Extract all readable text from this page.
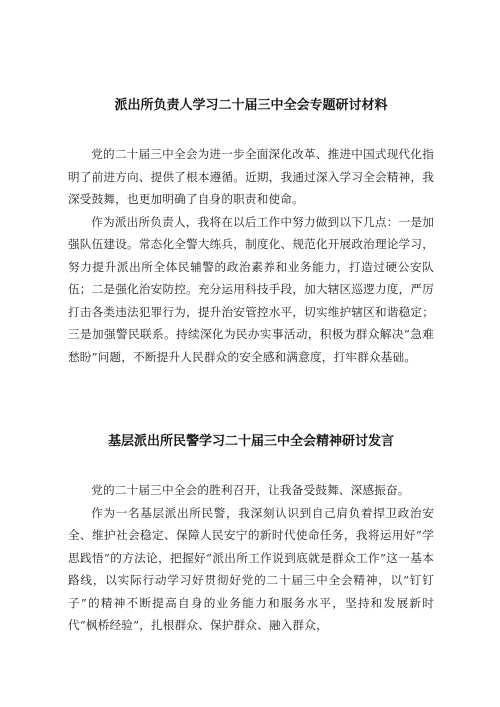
派出所负责人学习二十届三中全会专题研讨材料

党的二十届三中全会为进一步全面深化改革、推进中国式现代化指明了前进方向、提供了根本遵循。近期，我通过深入学习全会精神，我深受鼓舞，也更加明确了自身的职责和使命。

作为派出所负责人，我将在以后工作中努力做到以下几点：一是加强队伍建设。常态化全警大练兵，制度化、规范化开展政治理论学习，努力提升派出所全体民辅警的政治素养和业务能力，打造过硬公安队伍；二是强化治安防控。充分运用科技手段，加大辖区巡逻力度，严厉打击各类违法犯罪行为，提升治安管控水平，切实维护辖区和谐稳定；三是加强警民联系。持续深化为民办实事活动，积极为群众解决“急难愁盼”问题，不断提升人民群众的安全感和满意度，打牢群众基础。

基层派出所民警学习二十届三中全会精神研讨发言

党的二十届三中全会的胜利召开，让我备受鼓舞、深感振奋。

作为一名基层派出所民警，我深刻认识到自己肩负着捍卫政治安全、维护社会稳定、保障人民安宁的新时代使命任务，我将运用好“学思践悟”的方法论，把握好”派出所工作说到底就是群众工作”这一基本路线，以实际行动学习好贯彻好党的二十届三中全会精神，以“钉钉子”的精神不断提高自身的业务能力和服务水平，坚持和发展新时代“枫桥经验”，扎根群众、保护群众、融入群众，
